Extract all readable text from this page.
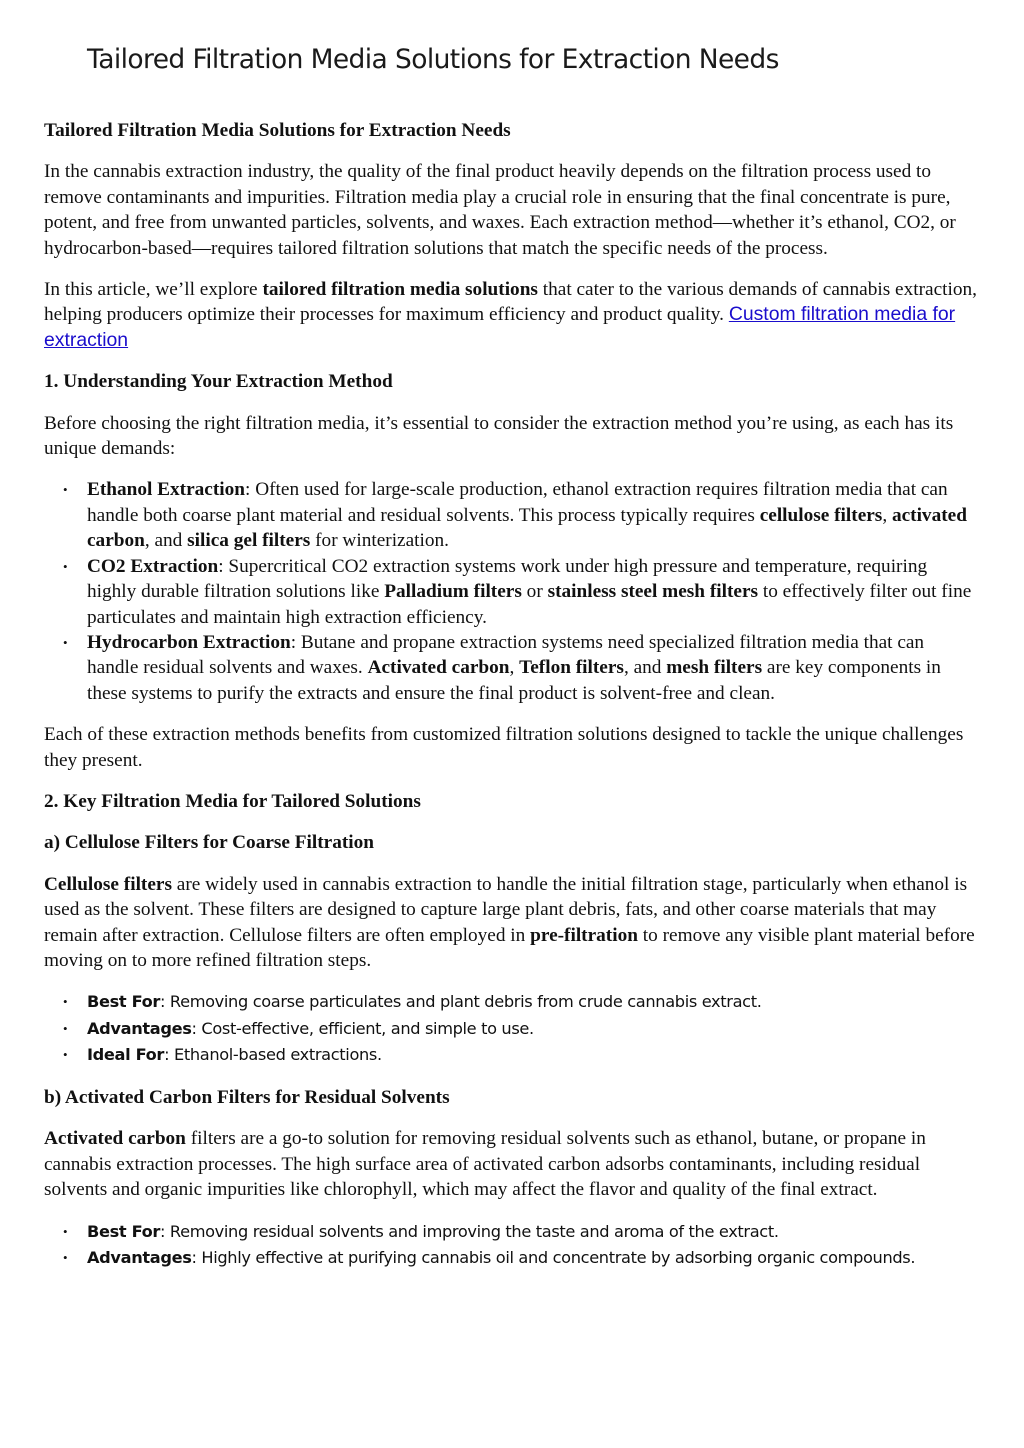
Tailored Filtration Media Solutions for Extraction Needs
Tailored Filtration Media Solutions for Extraction Needs

In the cannabis extraction industry, the quality of the final product heavily depends on the filtration process used to remove contaminants and impurities. Filtration media play a crucial role in ensuring that the final concentrate is pure, potent, and free from unwanted particles, solvents, and waxes. Each extraction method—whether it’s ethanol, CO2, or hydrocarbon-based—requires tailored filtration solutions that match the specific needs of the process.

In this article, we’ll explore tailored filtration media solutions that cater to the various demands of cannabis extraction, helping producers optimize their processes for maximum efficiency and product quality. Custom filtration media for extraction

1. Understanding Your Extraction Method

Before choosing the right filtration media, it’s essential to consider the extraction method you’re using, as each has its unique demands:

• Ethanol Extraction: Often used for large-scale production, ethanol extraction requires filtration media that can handle both coarse plant material and residual solvents. This process typically requires cellulose filters, activated carbon, and silica gel filters for winterization.
• CO2 Extraction: Supercritical CO2 extraction systems work under high pressure and temperature, requiring highly durable filtration solutions like Palladium filters or stainless steel mesh filters to effectively filter out fine particulates and maintain high extraction efficiency.
• Hydrocarbon Extraction: Butane and propane extraction systems need specialized filtration media that can handle residual solvents and waxes. Activated carbon, Teflon filters, and mesh filters are key components in these systems to purify the extracts and ensure the final product is solvent-free and clean.

Each of these extraction methods benefits from customized filtration solutions designed to tackle the unique challenges they present.

2. Key Filtration Media for Tailored Solutions
a) Cellulose Filters for Coarse Filtration

Cellulose filters are widely used in cannabis extraction to handle the initial filtration stage, particularly when ethanol is used as the solvent. These filters are designed to capture large plant debris, fats, and other coarse materials that may remain after extraction. Cellulose filters are often employed in pre-filtration to remove any visible plant material before moving on to more refined filtration steps.

• Best For: Removing coarse particulates and plant debris from crude cannabis extract.
• Advantages: Cost-effective, efficient, and simple to use.
• Ideal For: Ethanol-based extractions.
b) Activated Carbon Filters for Residual Solvents

Activated carbon filters are a go-to solution for removing residual solvents such as ethanol, butane, or propane in cannabis extraction processes. The high surface area of activated carbon adsorbs contaminants, including residual solvents and organic impurities like chlorophyll, which may affect the flavor and quality of the final extract.

• Best For: Removing residual solvents and improving the taste and aroma of the extract.
• Advantages: Highly effective at purifying cannabis oil and concentrate by adsorbing organic compounds.
